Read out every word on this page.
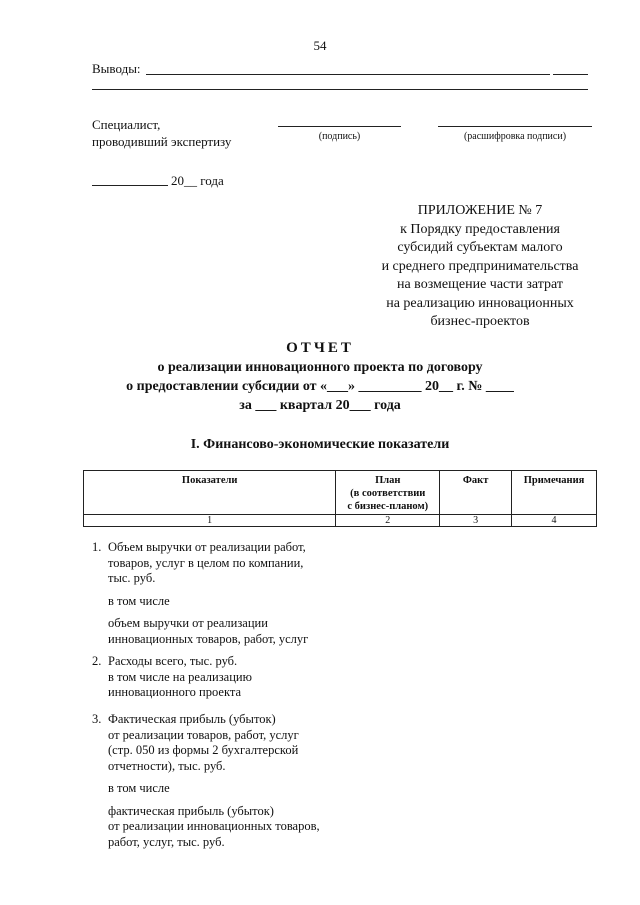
54
Выводы:
Специалист,
проводивший экспертизу	(подпись)	(расшифровка подписи)
20__ года
ПРИЛОЖЕНИЕ № 7
к Порядку предоставления
субсидий субъектам малого
и среднего предпринимательства
на возмещение части затрат
на реализацию инновационных
бизнес-проектов
ОТЧЕТ
о реализации инновационного проекта по договору
о предоставлении субсидии от «___» _________ 20__ г. № ____
за ___ квартал 20___ года
I. Финансово-экономические показатели
Показатели	План
(в соответствии
с бизнес-планом)	Факт	Примечания
1	2	3	4
1. Объем выручки от реализации работ,
товаров, услуг в целом по компании,
тыс. руб.
в том числе
объем выручки от реализации
инновационных товаров, работ, услуг
2. Расходы всего, тыс. руб.
в том числе на реализацию
инновационного проекта
3. Фактическая прибыль (убыток)
от реализации товаров, работ, услуг
(стр. 050 из формы 2 бухгалтерской
отчетности), тыс. руб.
в том числе
фактическая прибыль (убыток)
от реализации инновационных товаров,
работ, услуг, тыс. руб.
